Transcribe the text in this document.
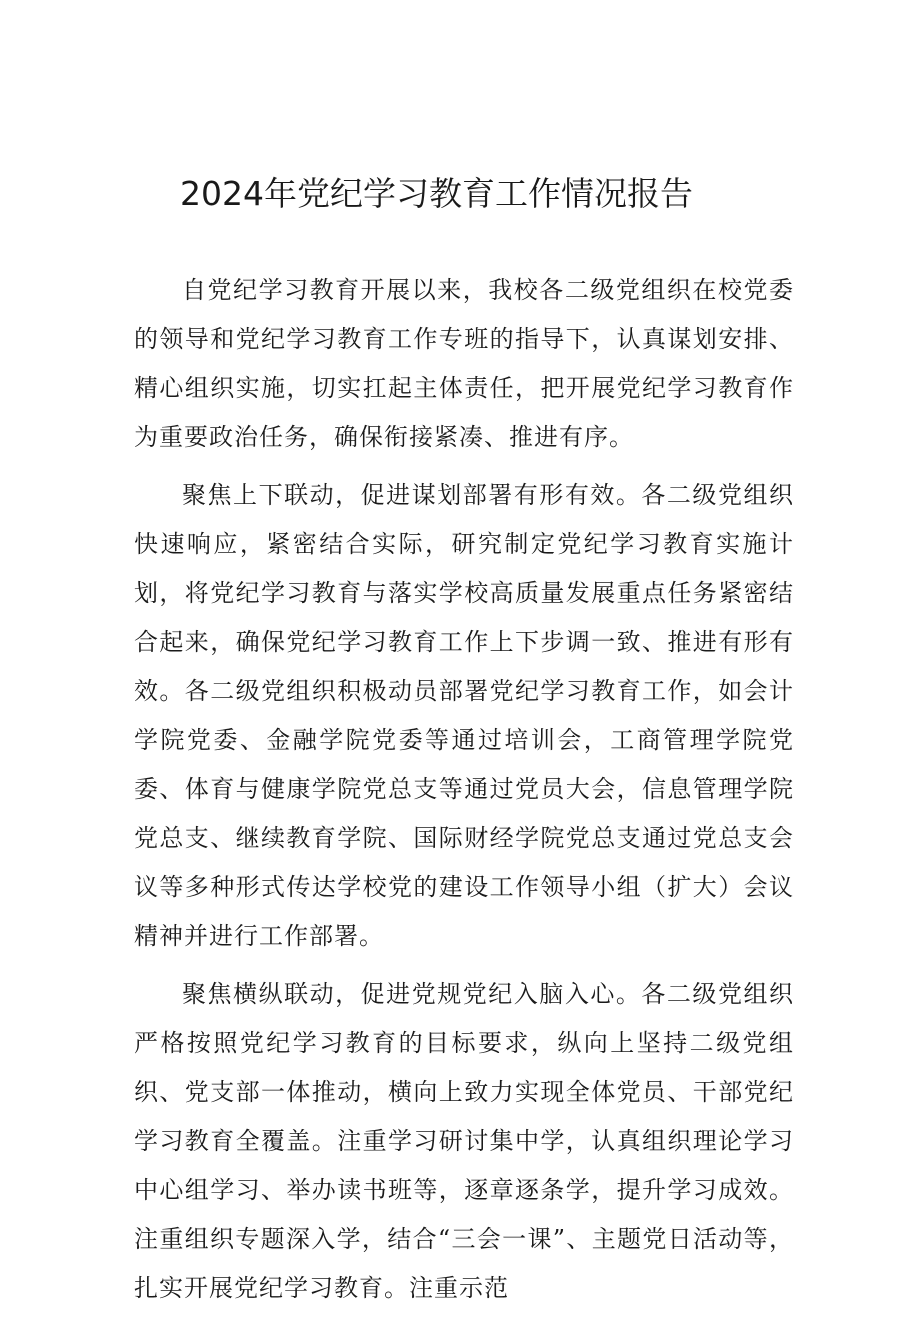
2024年党纪学习教育工作情况报告

自党纪学习教育开展以来，我校各二级党组织在校党委的领导和党纪学习教育工作专班的指导下，认真谋划安排、精心组织实施，切实扛起主体责任，把开展党纪学习教育作为重要政治任务，确保衔接紧凑、推进有序。

聚焦上下联动，促进谋划部署有形有效。各二级党组织快速响应，紧密结合实际，研究制定党纪学习教育实施计划，将党纪学习教育与落实学校高质量发展重点任务紧密结合起来，确保党纪学习教育工作上下步调一致、推进有形有效。各二级党组织积极动员部署党纪学习教育工作，如会计学院党委、金融学院党委等通过培训会，工商管理学院党委、体育与健康学院党总支等通过党员大会，信息管理学院党总支、继续教育学院、国际财经学院党总支通过党总支会议等多种形式传达学校党的建设工作领导小组（扩大）会议精神并进行工作部署。

聚焦横纵联动，促进党规党纪入脑入心。各二级党组织严格按照党纪学习教育的目标要求，纵向上坚持二级党组织、党支部一体推动，横向上致力实现全体党员、干部党纪学习教育全覆盖。注重学习研讨集中学，认真组织理论学习中心组学习、举办读书班等，逐章逐条学，提升学习成效。注重组织专题深入学，结合“三会一课”、主题党日活动等，扎实开展党纪学习教育。注重示范
